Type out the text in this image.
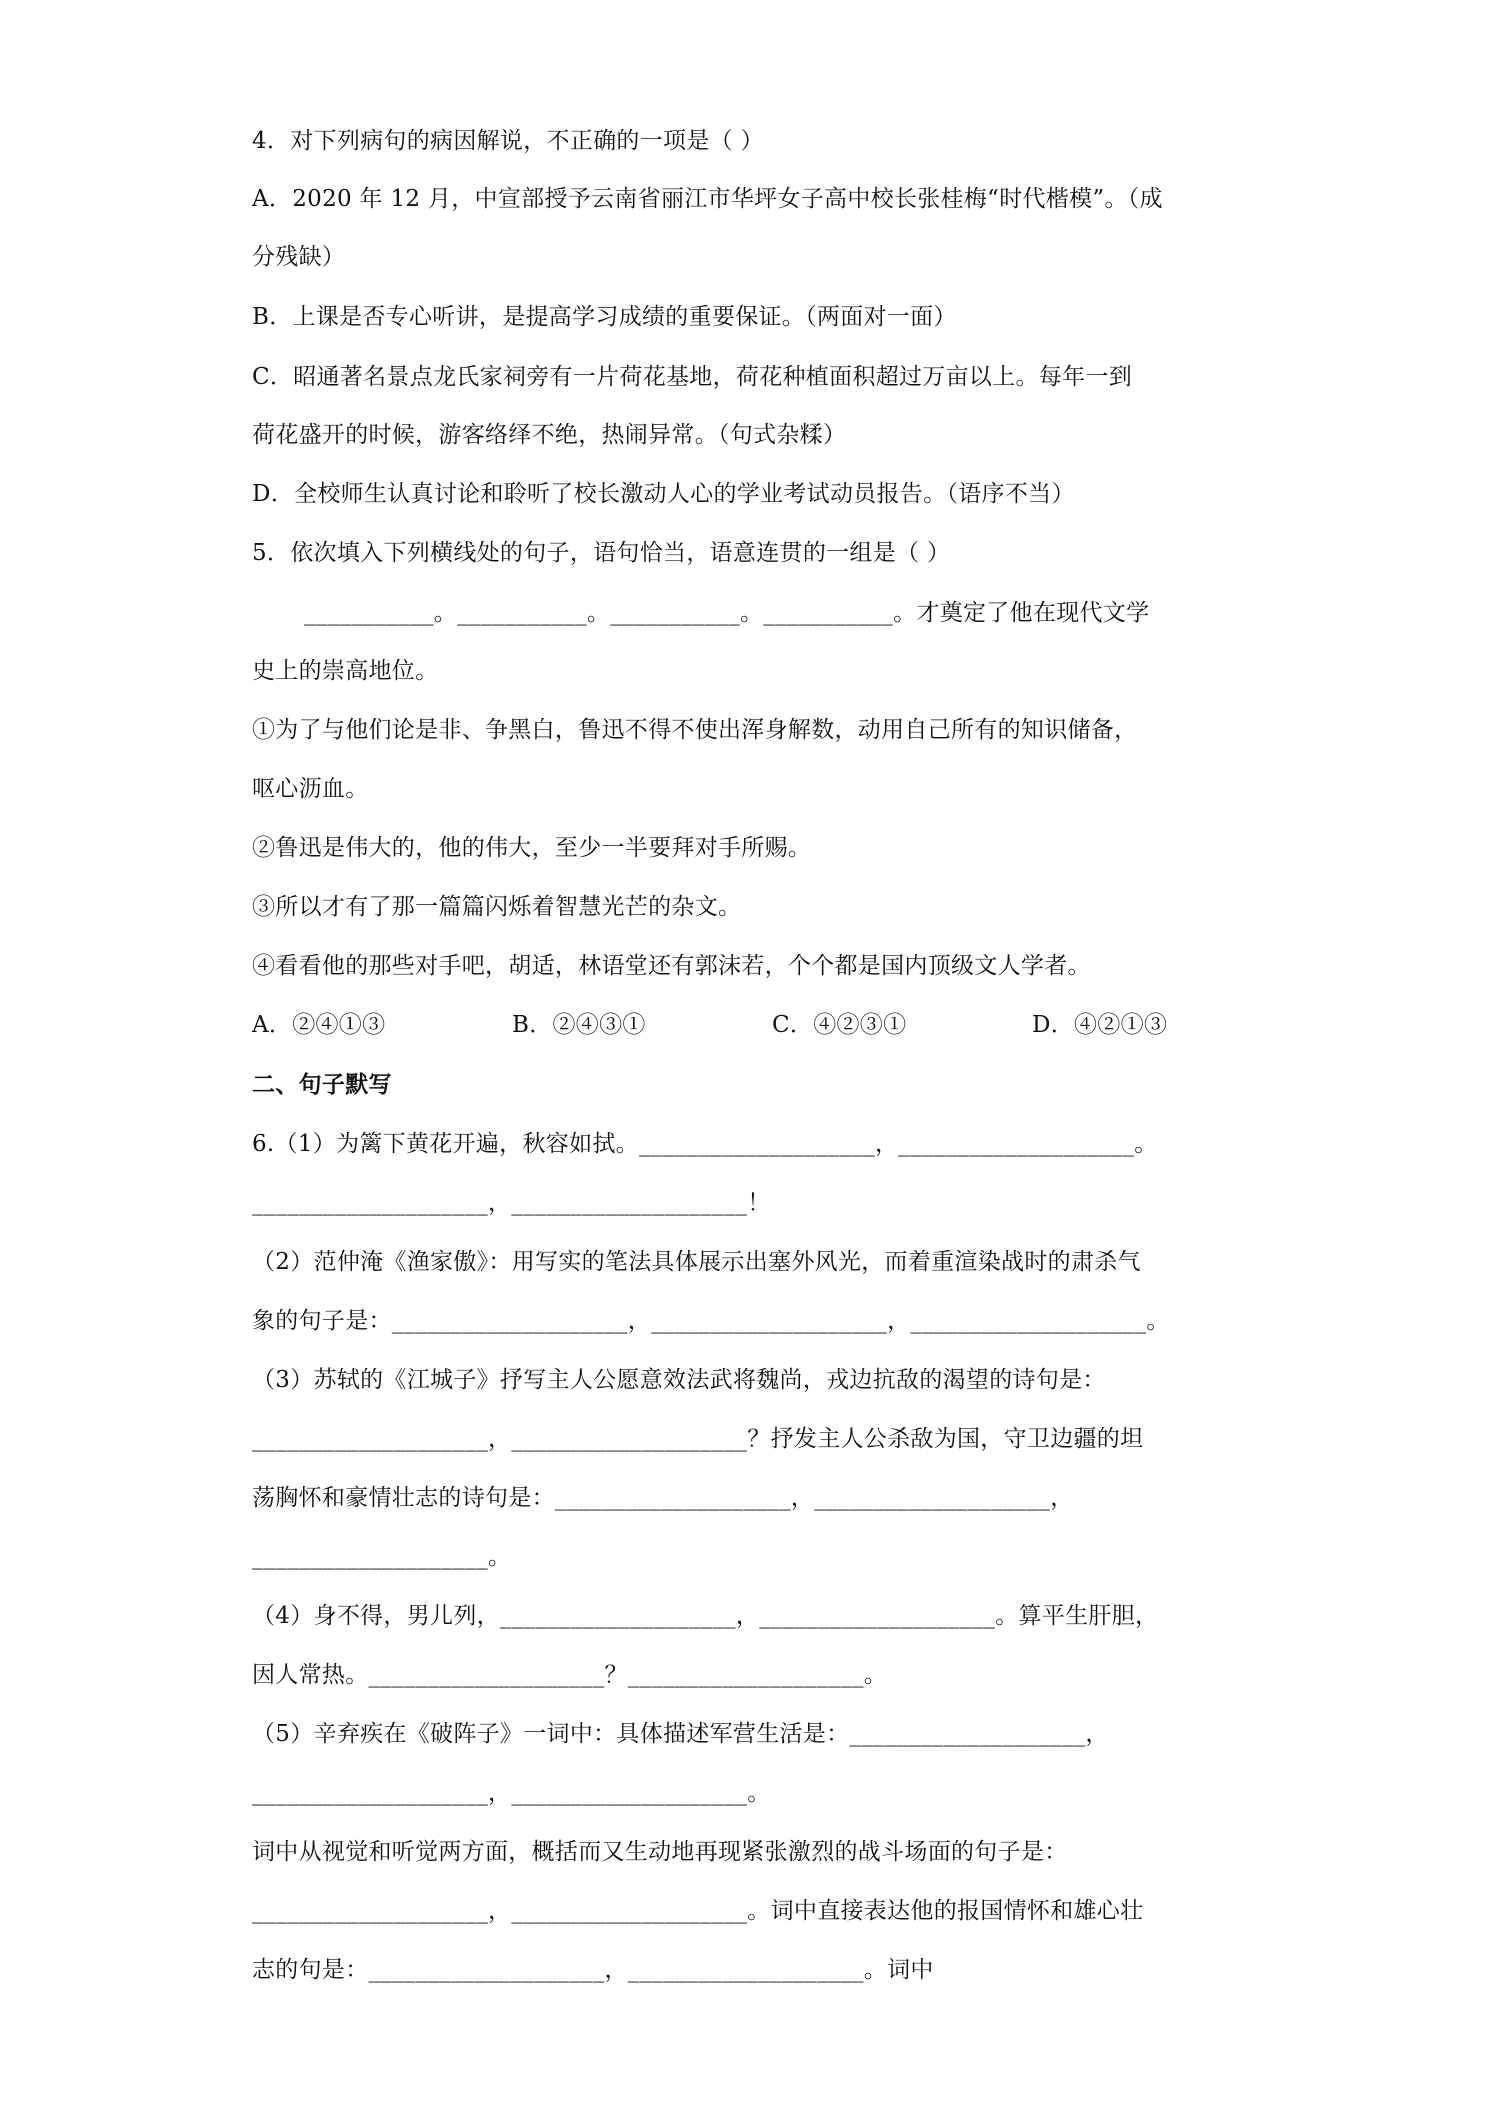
4．对下列病句的病因解说，不正确的一项是（ ）
A．2020 年 12 月，中宣部授予云南省丽江市华坪女子高中校长张桂梅“时代楷模”。（成
分残缺）
B．上课是否专心听讲，是提高学习成绩的重要保证。（两面对一面）
C．昭通著名景点龙氏家祠旁有一片荷花基地，荷花种植面积超过万亩以上。每年一到
荷花盛开的时候，游客络绎不绝，热闹异常。（句式杂糅）
D．全校师生认真讨论和聆听了校长激动人心的学业考试动员报告。（语序不当）
5．依次填入下列横线处的句子，语句恰当，语意连贯的一组是（ ）
___________。___________。___________。___________。才奠定了他在现代文学
史上的崇高地位。
①为了与他们论是非、争黑白，鲁迅不得不使出浑身解数，动用自己所有的知识储备，
呕心沥血。
②鲁迅是伟大的，他的伟大，至少一半要拜对手所赐。
③所以才有了那一篇篇闪烁着智慧光芒的杂文。
④看看他的那些对手吧，胡适，林语堂还有郭沫若，个个都是国内顶级文人学者。
A．②④①③	B．②④③①	C．④②③①	D．④②①③
二、句子默写
6.（1）为篱下黄花开遍，秋容如拭。____________________，____________________。
____________________，____________________！
（2）范仲淹《渔家傲》：用写实的笔法具体展示出塞外风光，而着重渲染战时的肃杀气
象的句子是：____________________，____________________，____________________。
（3）苏轼的《江城子》抒写主人公愿意效法武将魏尚，戎边抗敌的渴望的诗句是：
____________________，____________________？抒发主人公杀敌为国，守卫边疆的坦
荡胸怀和豪情壮志的诗句是：____________________，____________________，
____________________。
（4）身不得，男儿列，____________________，____________________。算平生肝胆，
因人常热。____________________？____________________。
（5）辛弃疾在《破阵子》一词中：具体描述军营生活是：____________________，
____________________，____________________。
词中从视觉和听觉两方面，概括而又生动地再现紧张激烈的战斗场面的句子是：
____________________，____________________。词中直接表达他的报国情怀和雄心壮
志的句是：____________________，____________________。词中
